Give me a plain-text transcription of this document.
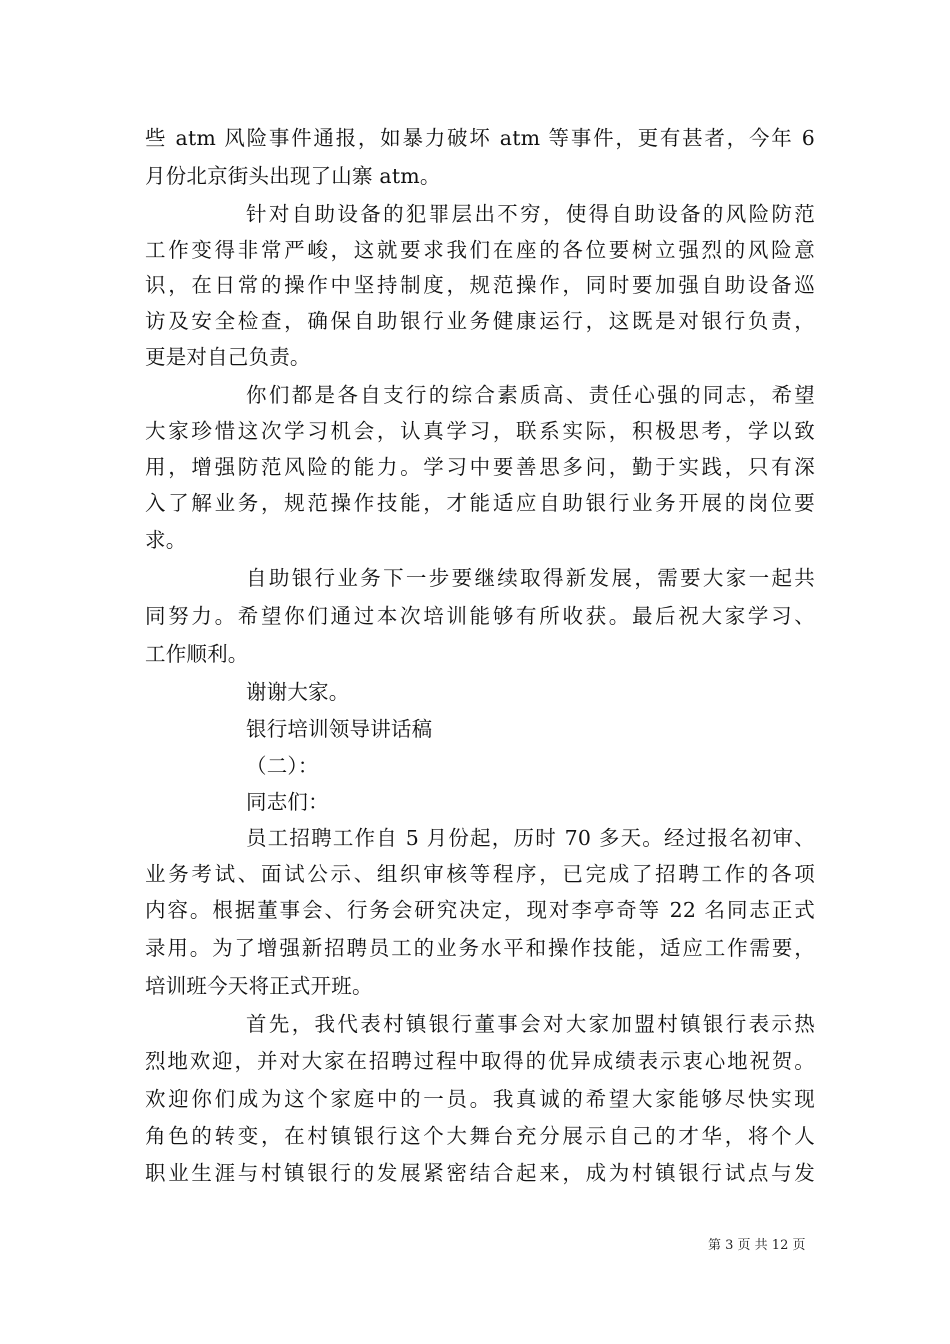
些 atm 风险事件通报，如暴力破坏 atm 等事件，更有甚者，今年 6
月份北京街头出现了山寨 atm。
针对自助设备的犯罪层出不穷，使得自助设备的风险防范
工作变得非常严峻，这就要求我们在座的各位要树立强烈的风险意
识，在日常的操作中坚持制度，规范操作，同时要加强自助设备巡
访及安全检查，确保自助银行业务健康运行，这既是对银行负责，
更是对自己负责。
你们都是各自支行的综合素质高、责任心强的同志，希望
大家珍惜这次学习机会，认真学习，联系实际，积极思考，学以致
用，增强防范风险的能力。学习中要善思多问，勤于实践，只有深
入了解业务，规范操作技能，才能适应自助银行业务开展的岗位要
求。
自助银行业务下一步要继续取得新发展，需要大家一起共
同努力。希望你们通过本次培训能够有所收获。最后祝大家学习、
工作顺利。
谢谢大家。
银行培训领导讲话稿
（二）：
同志们：
员工招聘工作自 5 月份起，历时 70 多天。经过报名初审、
业务考试、面试公示、组织审核等程序，已完成了招聘工作的各项
内容。根据董事会、行务会研究决定，现对李亭奇等 22 名同志正式
录用。为了增强新招聘员工的业务水平和操作技能，适应工作需要，
培训班今天将正式开班。
首先，我代表村镇银行董事会对大家加盟村镇银行表示热
烈地欢迎，并对大家在招聘过程中取得的优异成绩表示衷心地祝贺。
欢迎你们成为这个家庭中的一员。我真诚的希望大家能够尽快实现
角色的转变，在村镇银行这个大舞台充分展示自己的才华，将个人
职业生涯与村镇银行的发展紧密结合起来，成为村镇银行试点与发
第 3 页 共 12 页
